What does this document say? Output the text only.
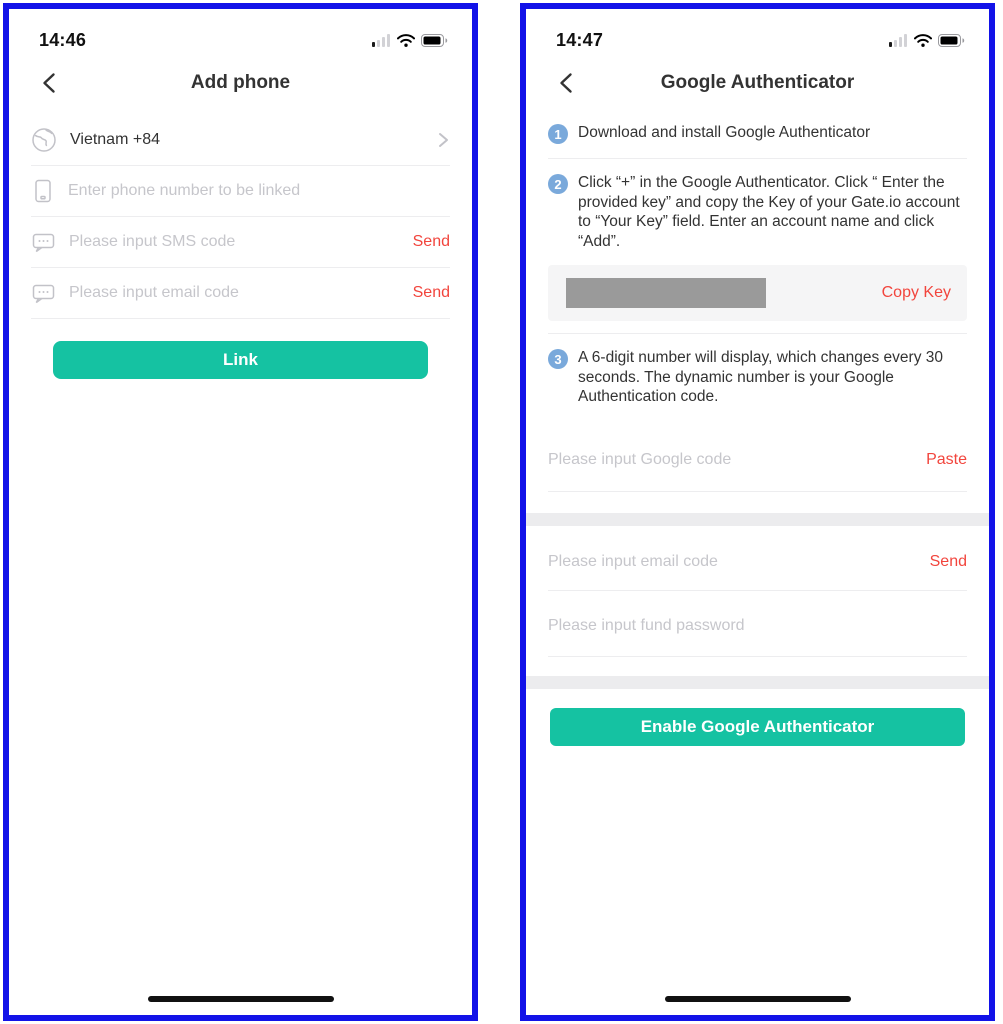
14:46
Add phone
Vietnam +84
Enter phone number to be linked
Please input SMS code
Send
Please input email code
Send
Link
14:47
Google Authenticator
1	Download and install Google Authenticator
2	Click “+” in the Google Authenticator. Click “ Enter the provided key” and copy the Key of your Gate.io account to “Your Key” field. Enter an account name and click “Add”.
Copy Key
3	A 6-digit number will display, which changes every 30 seconds. The dynamic number is your Google Authentication code.
Please input Google code
Paste
Please input email code
Send
Enable Google Authenticator
